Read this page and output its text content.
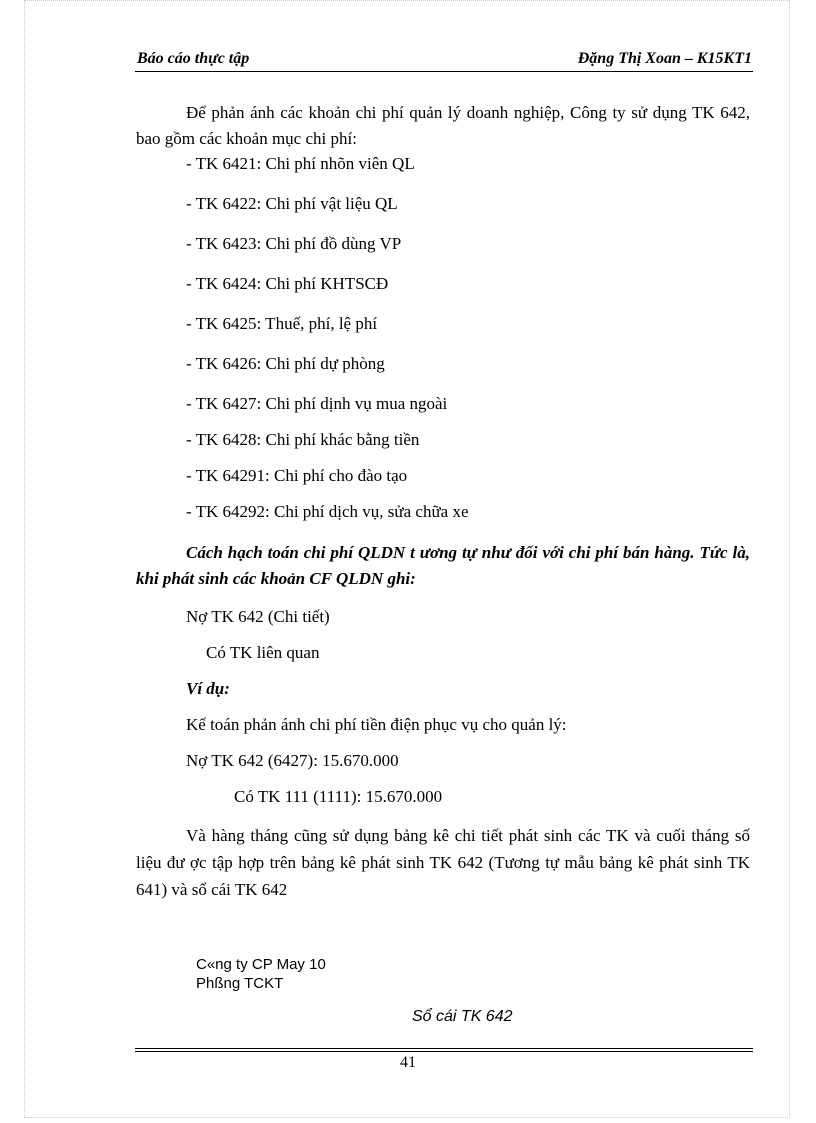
Báo cáo thực tập	Đặng Thị Xoan – K15KT1
Để phản ánh các khoản chi phí quản lý doanh nghiệp, Công ty sử dụng TK 642, bao gồm các khoản mục chi phí:
- TK 6421: Chi phí nhõn viên QL
- TK 6422: Chi phí vật liệu QL
- TK 6423: Chi phí đồ dùng VP
- TK 6424: Chi phí KHTSCĐ
- TK 6425: Thuế, phí, lệ phí
- TK 6426: Chi phí dự phòng
- TK 6427: Chi phí dịnh vụ mua ngoài
- TK 6428: Chi phí khác bằng tiền
- TK 64291: Chi phí cho đào tạo
- TK 64292: Chi phí dịch vụ, sửa chữa xe
Cách hạch toán chi phí QLDN t ương tự như đối với chi phí bán hàng. Tức là, khi phát sinh các khoản CF QLDN ghi:
Nợ TK 642 (Chi tiết)
Có TK liên quan
Ví dụ:
Kế toán phản ánh chi phí tiền điện phục vụ cho quản lý:
Nợ TK 642 (6427): 15.670.000
Có TK 111 (1111): 15.670.000
Và hàng tháng cũng sử dụng bảng kê chi tiết phát sinh các TK và cuối tháng số liệu đư ợc tập hợp trên bảng kê phát sinh TK 642 (Tương tự mẫu bảng kê phát sinh TK 641) và sổ cái TK 642
C«ng ty CP May 10
Phßng TCKT
Sổ cái TK 642
41
